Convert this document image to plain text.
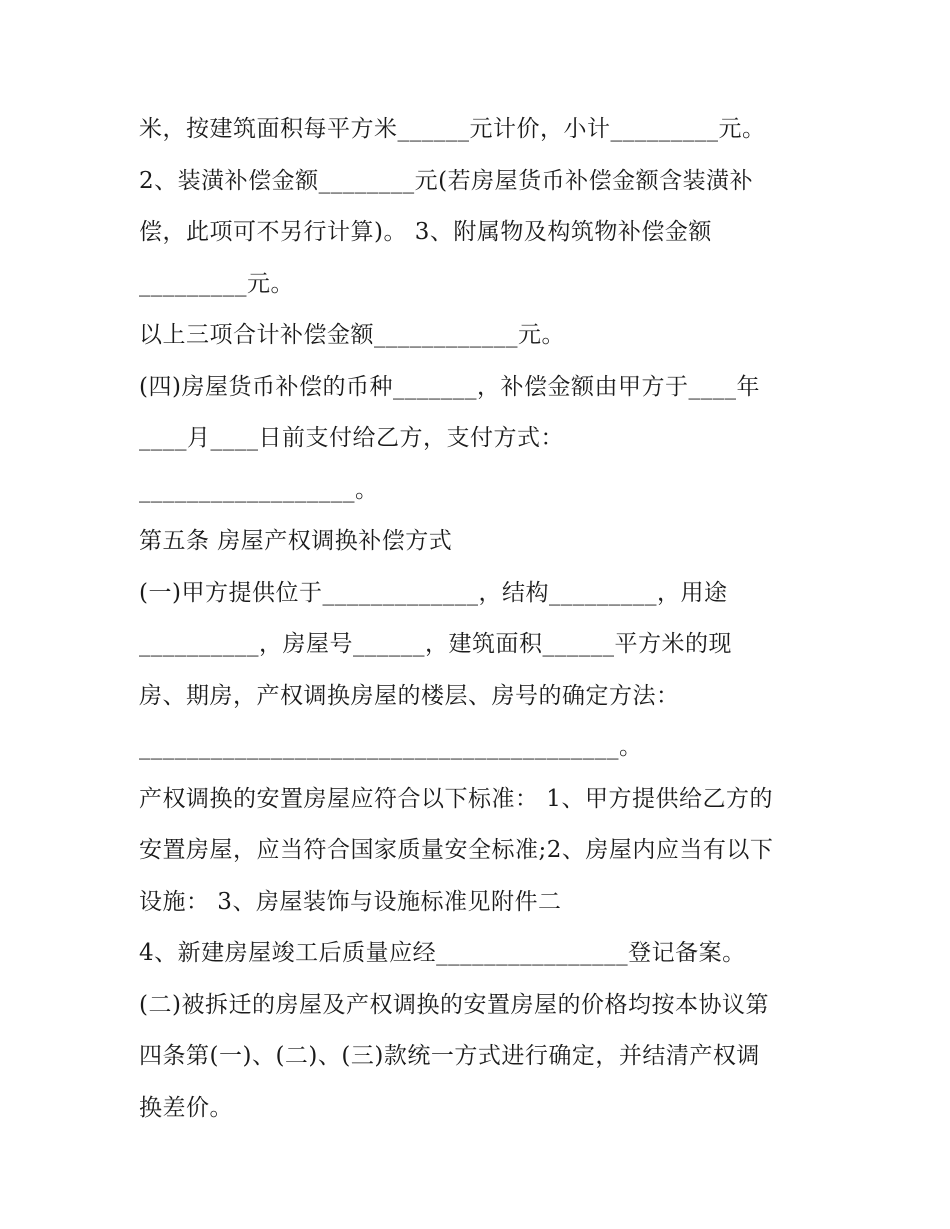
米，按建筑面积每平方米______元计价，小计_________元。
2、装潢补偿金额________元(若房屋货币补偿金额含装潢补
偿，此项可不另行计算)。 3、附属物及构筑物补偿金额
_________元。
以上三项合计补偿金额____________元。
(四)房屋货币补偿的币种_______，补偿金额由甲方于____年
____月____日前支付给乙方，支付方式：
__________________。
第五条 房屋产权调换补偿方式
(一)甲方提供位于_____________，结构_________，用途
__________，房屋号______，建筑面积______平方米的现
房、期房，产权调换房屋的楼层、房号的确定方法：
________________________________________。
产权调换的安置房屋应符合以下标准： 1、甲方提供给乙方的
安置房屋，应当符合国家质量安全标准;2、房屋内应当有以下
设施： 3、房屋装饰与设施标准见附件二
4、新建房屋竣工后质量应经________________登记备案。
(二)被拆迁的房屋及产权调换的安置房屋的价格均按本协议第
四条第(一)、(二)、(三)款统一方式进行确定，并结清产权调
换差价。
